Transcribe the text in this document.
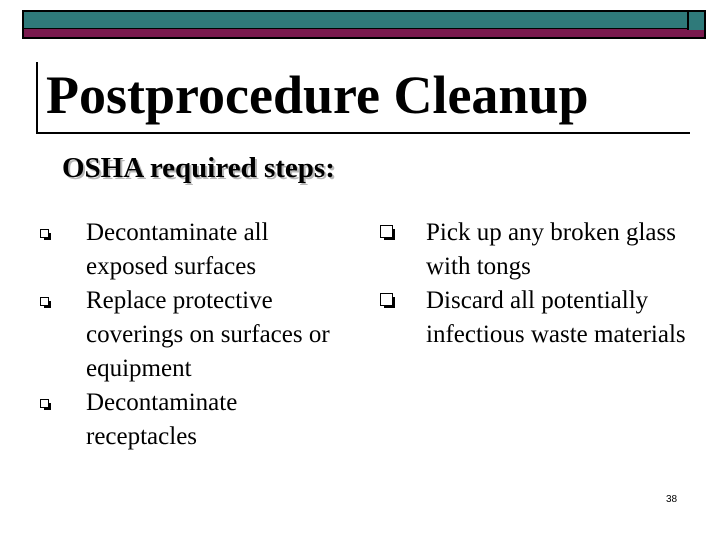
Postprocedure Cleanup
OSHA required steps:
Decontaminate all exposed surfaces
Replace protective coverings on surfaces or equipment
Decontaminate receptacles
Pick up any broken glass with tongs
Discard all potentially infectious waste materials
38
